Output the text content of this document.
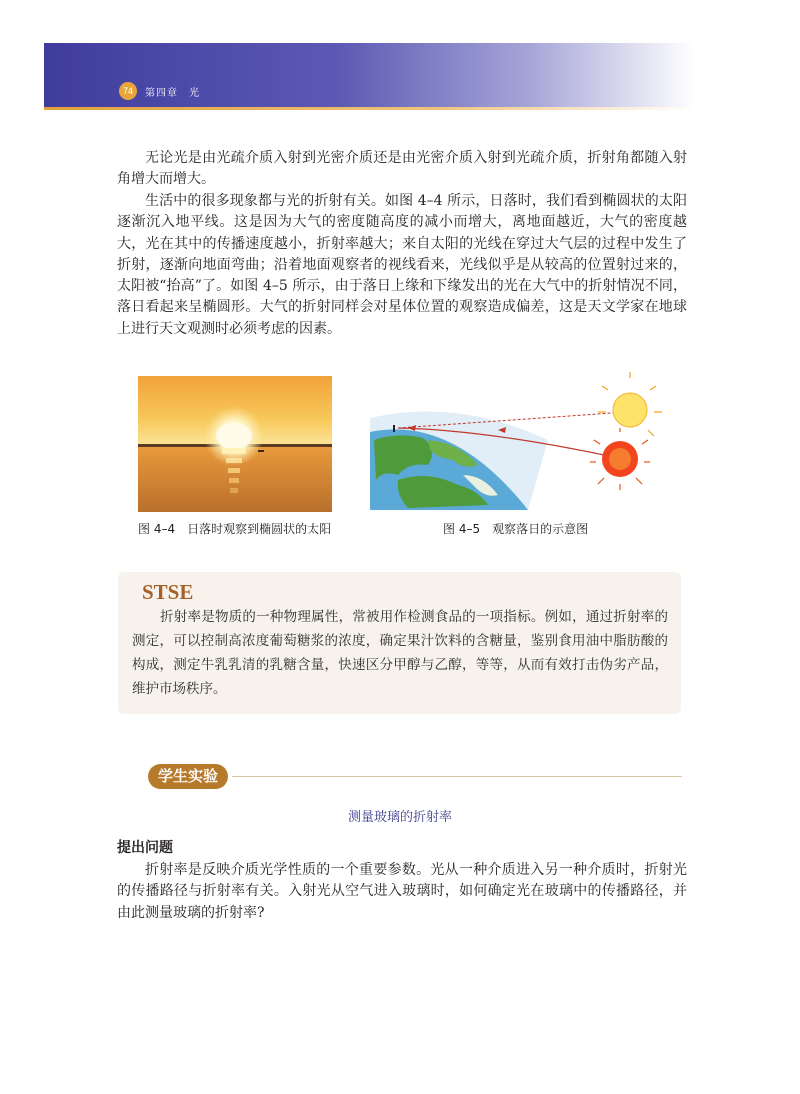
74	第四章　光

无论光是由光疏介质入射到光密介质还是由光密介质入射到光疏介质，折射角都随入射角增大而增大。

生活中的很多现象都与光的折射有关。如图 4–4 所示，日落时，我们看到椭圆状的太阳逐渐沉入地平线。这是因为大气的密度随高度的减小而增大，离地面越近，大气的密度越大，光在其中的传播速度越小，折射率越大；来自太阳的光线在穿过大气层的过程中发生了折射，逐渐向地面弯曲；沿着地面观察者的视线看来，光线似乎是从较高的位置射过来的，太阳被“抬高”了。如图 4–5 所示，由于落日上缘和下缘发出的光在大气中的折射情况不同，落日看起来呈椭圆形。大气的折射同样会对星体位置的观察造成偏差，这是天文学家在地球上进行天文观测时必须考虑的因素。

图 4–4　日落时观察到椭圆状的太阳	图 4–5　观察落日的示意图
STSE

折射率是物质的一种物理属性，常被用作检测食品的一项指标。例如，通过折射率的测定，可以控制高浓度葡萄糖浆的浓度，确定果汁饮料的含糖量，鉴别食用油中脂肪酸的构成，测定牛乳乳清的乳糖含量，快速区分甲醇与乙醇，等等，从而有效打击伪劣产品，维护市场秩序。

学生实验
测量玻璃的折射率
提出问题

折射率是反映介质光学性质的一个重要参数。光从一种介质进入另一种介质时，折射光的传播路径与折射率有关。入射光从空气进入玻璃时，如何确定光在玻璃中的传播路径，并由此测量玻璃的折射率?
